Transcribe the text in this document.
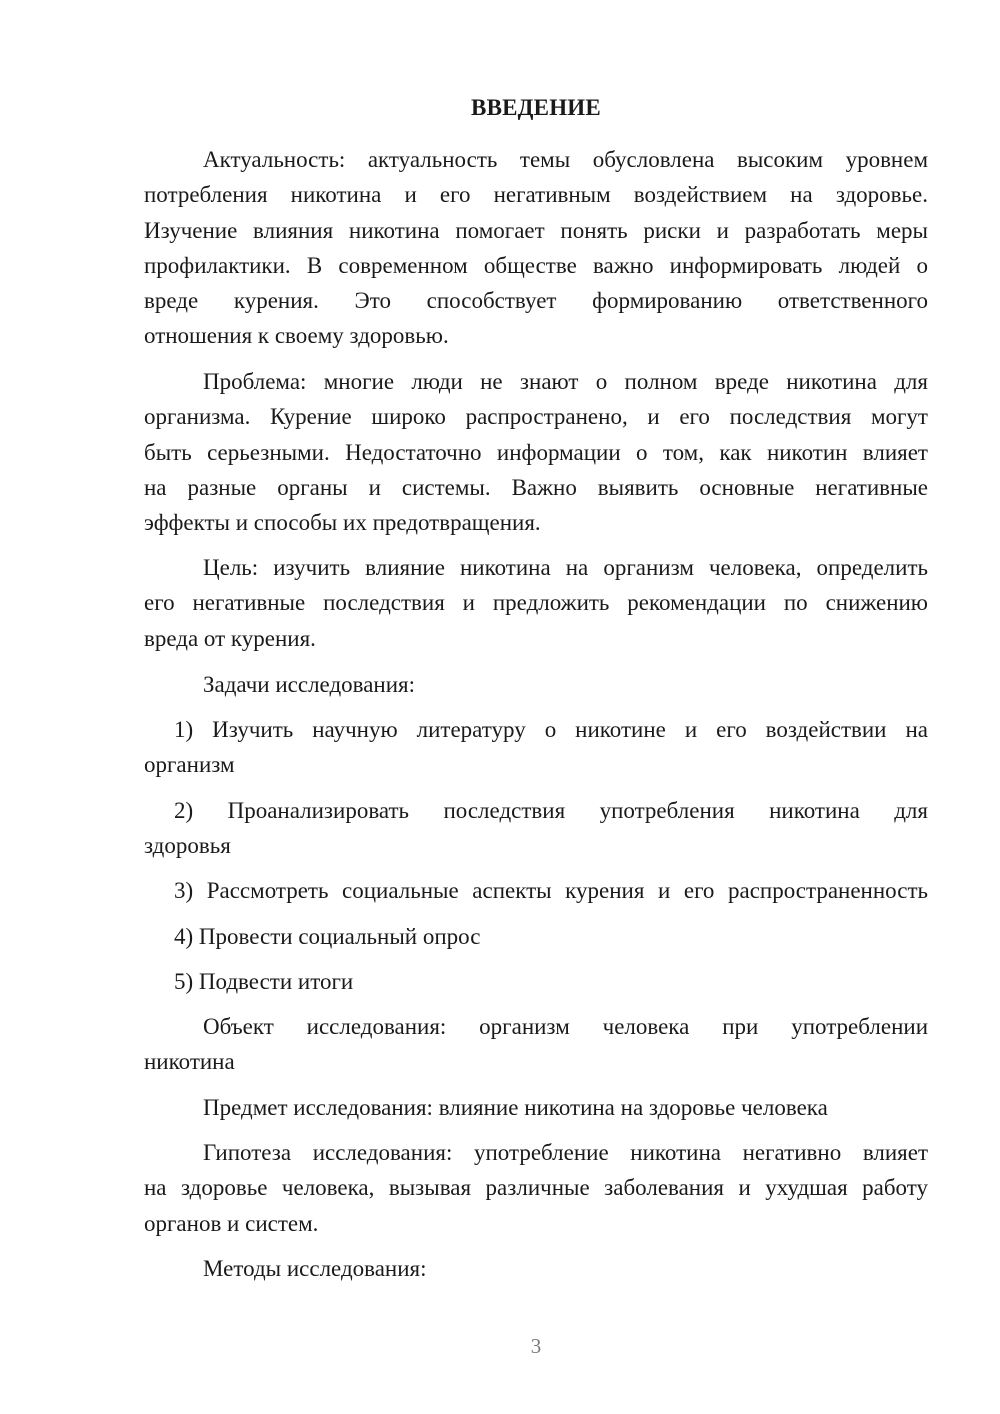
ВВЕДЕНИЕ

Актуальность: актуальность темы обусловлена высоким уровнем
потребления никотина и его негативным воздействием на здоровье.
Изучение влияния никотина помогает понять риски и разработать меры
профилактики. В современном обществе важно информировать людей о
вреде курения. Это способствует формированию ответственного
отношения к своему здоровью.

Проблема: многие люди не знают о полном вреде никотина для
организма. Курение широко распространено, и его последствия могут
быть серьезными. Недостаточно информации о том, как никотин влияет
на разные органы и системы. Важно выявить основные негативные
эффекты и способы их предотвращения.

Цель: изучить влияние никотина на организм человека, определить
его негативные последствия и предложить рекомендации по снижению
вреда от курения.

Задачи исследования:

1) Изучить научную литературу о никотине и его воздействии на
организм

2) Проанализировать последствия употребления никотина для
здоровья

3) Рассмотреть социальные аспекты курения и его распространенность

4) Провести социальный опрос

5) Подвести итоги

Объект исследования: организм человека при употреблении
никотина

Предмет исследования: влияние никотина на здоровье человека

Гипотеза исследования: употребление никотина негативно влияет
на здоровье человека, вызывая различные заболевания и ухудшая работу
органов и систем.

Методы исследования:

3
